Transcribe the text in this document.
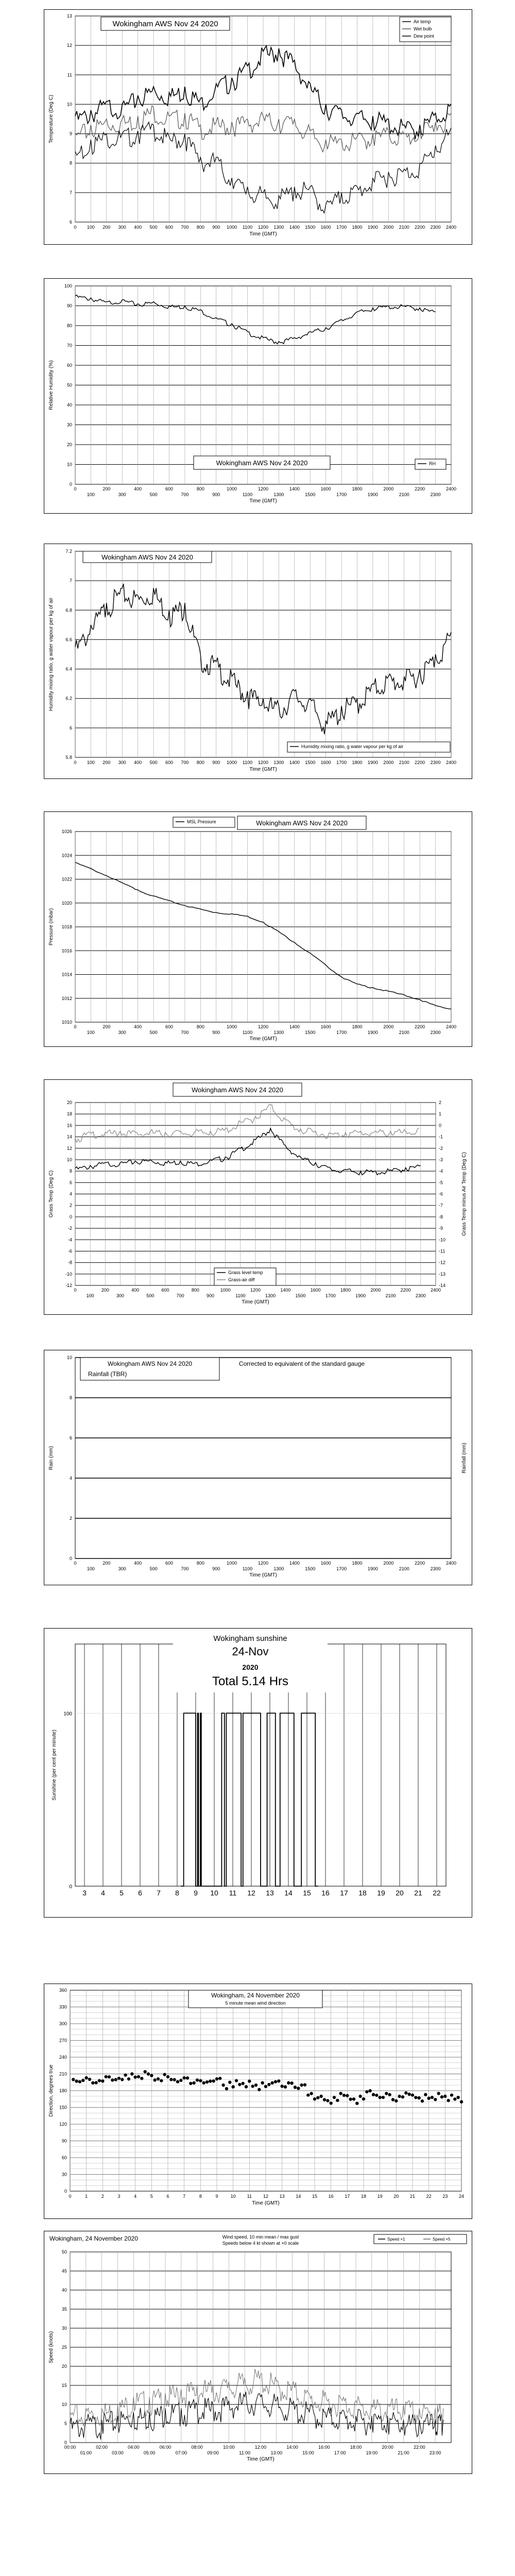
6
7
8
9
10
11
12
13
0 100 200 300 400 500 600 700 800 900 1000 1100 1200 1300 1400 1500 1600 1700 1800 1900 2000 2100 2200 2300 2400
Time (GMT)
Temperature (Deg C)
Wokingham AWS Nov 24 2020	Air temp
Wet bulb
Dew point
0
10
20
30
40
50
60
70
80
90
100
0	200	400	600	800	1000	1200	1400	1600	1800	2000	2200	2400
100	300	500	700	900	1100	1300	1500	1700	1900	2100	2300
Time (GMT)
Relative Humidity (%)
Wokingham AWS Nov 24 2020	RH
5.8
6
6.2
6.4
6.6
6.8
7
7.2
0 100 200 300 400 500 600 700 800 900 1000 1100 1200 1300 1400 1500 1600 1700 1800 1900 2000 2100 2200 2300 2400
Time (GMT)
Humidity mixing ratio, g water vapour per kg of air
Wokingham AWS Nov 24 2020
Humidity mixing ratio, g water vapour per kg of air
1010
1012
1014
1016
1018
1020
1022
1024
1026
0	200	400	600	800	1000	1200	1400	1600	1800	2000	2200	2400
100	300	500	700	900	1100	1300	1500	1700	1900	2100	2300
Time (GMT)
Pressure (mbar)
MSL Pressure	Wokingham AWS Nov 24 2020
-12
-10
-8
-6
-4
-2
0
2
4
6
8
10
12
14
16
18
20
-14
-13
-12
-11
-10
-9
-8
-7
-6
-5
-4
-3
-2
-1
0
1
2
0	200	400	600	800	1000	1200	1400	1600	1800	2000	2200	2400
100	300	500	700	900	1100	1300	1500	1700	1900	2100	2300
Time (GMT)
Grass Temp (Deg C)	Grass Temp minus Air Temp (Deg C)
Wokingham AWS Nov 24 2020
Grass level temp
Grass-air diff
0
2
4
6
8
10
0	200	400	600	800	1000	1200	1400	1600	1800	2000	2200	2400
100	300	500	700	900	1100	1300	1500	1700	1900	2100	2300
Time (GMT)
Rain (mm)	Rainfall (mm)
Wokingham AWS Nov 24 2020
Rainfall (TBR)
Corrected to equivalent of the standard gauge
3 4 5 6 7 8 9 10 11 12 13 14 15 16 17 18 19 20 21 22
0
100
Sunshine (per cent per minute)
Wokingham sunshine
24-Nov
2020
Total 5.14 Hrs
0
30
60
90
120
150
180
210
240
270
300
330
360
0	1	2	3	4	5	6	7	8	9	10 11 12 13 14 15 16 17 18 19 20 21 22 23 24
Time (GMT)
Direction, degrees true
Wokingham, 24 November 2020
5 minute mean wind direction
0
5
10
15
20
25
30
35
40
45
50
00:00	02:00	04:00	06:00	08:00	10:00	12:00	14:00	16:00	18:00	20:00	22:00
01:00	03:00	05:00	07:00	09:00	11:00	13:00	15:00	17:00	19:00	21:00	23:00
Time (GMT)
Speed (knots)
Wokingham, 24 November 2020	Wind speed, 10 min mean / max gust
Speeds below 4 kt shown at ×0 scale
Speed ×1	Speed ×5
